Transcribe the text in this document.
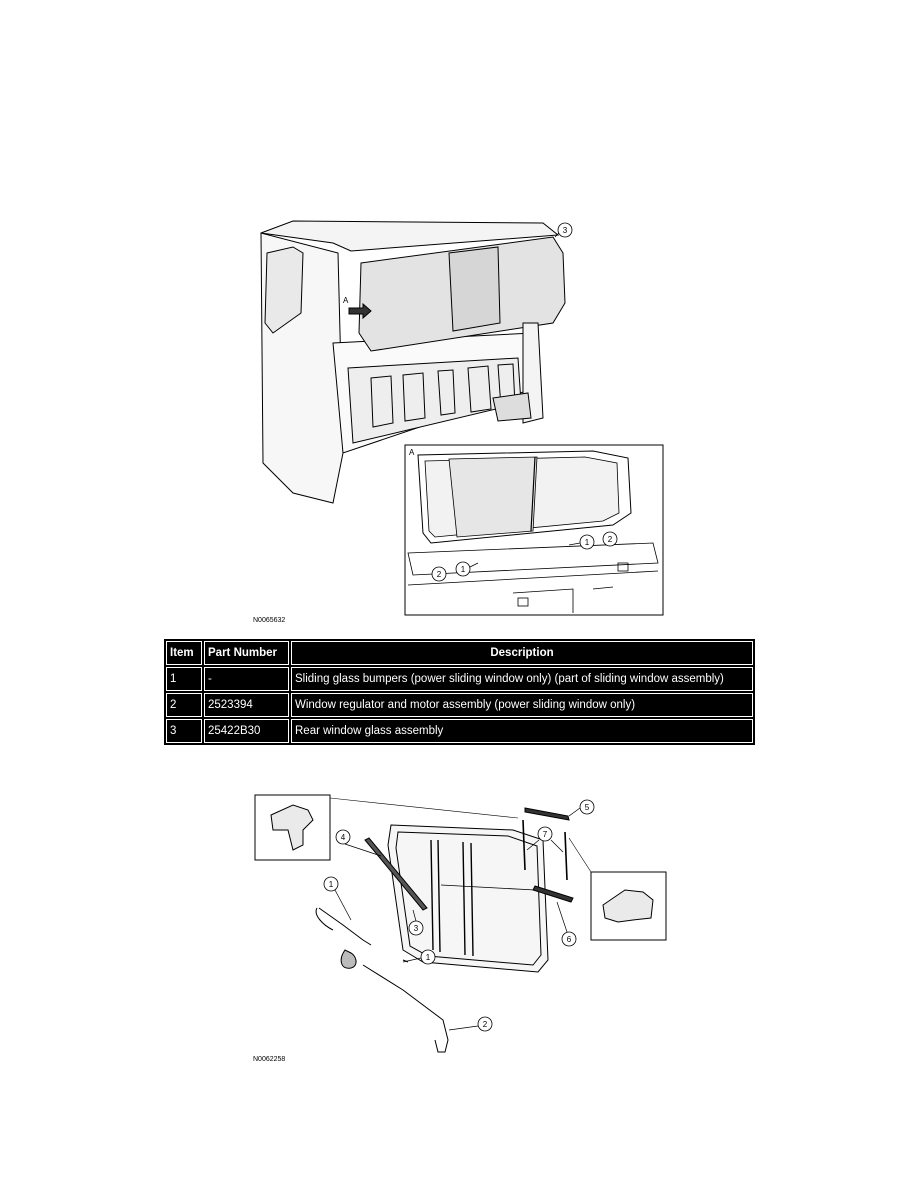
A
3
A
1 2
2
1
N0065632
Item	Part Number	Description
1	-	Sliding glass bumpers (power sliding window only) (part of sliding window assembly)
2	2523394	Window regulator and motor assembly (power sliding window only)
3	25422B30	Rear window glass assembly
5
7
4
1
3
1
6
2
N0062258
